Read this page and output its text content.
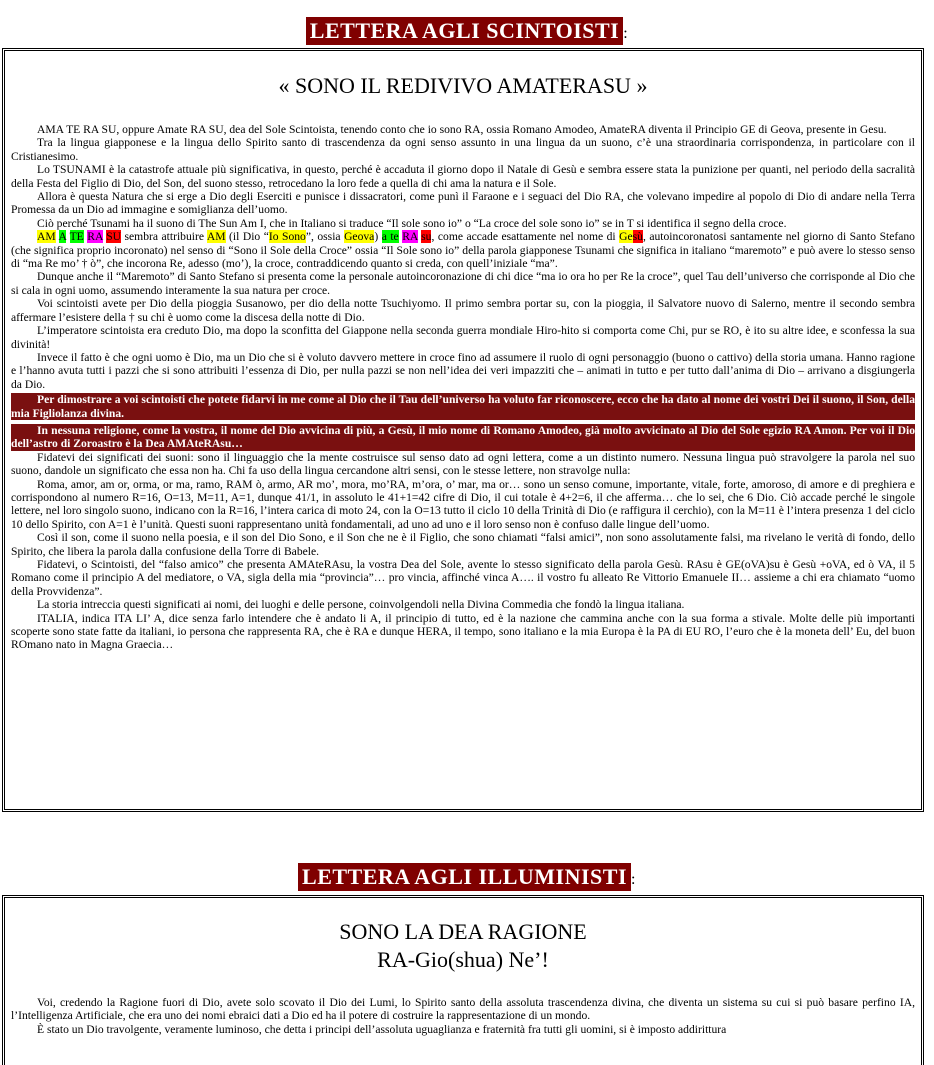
LETTERA AGLI SCINTOISTI :
« SONO IL REDIVIVO AMATERASU »

AMA TE RA SU, oppure Amate RA SU, dea del Sole Scintoista, tenendo conto che io sono RA, ossia Romano Amodeo, AmateRA diventa il Principio GE di Geova, presente in Gesu.

Tra la lingua giapponese e la lingua dello Spirito santo di trascendenza da ogni senso assunto in una lingua da un suono, c’è una straordinaria corrispondenza, in particolare con il Cristianesimo.

Lo TSUNAMI è la catastrofe attuale più significativa, in questo, perché è accaduta il giorno dopo il Natale di Gesù e sembra essere stata la punizione per quanti, nel periodo della sacralità della Festa del Figlio di Dio, del Son, del suono stesso, retrocedano la loro fede a quella di chi ama la natura e il Sole.

Allora è questa Natura che si erge a Dio degli Eserciti e punisce i dissacratori, come punì il Faraone e i seguaci del Dio RA, che volevano impedire al popolo di Dio di andare nella Terra Promessa da un Dio ad immagine e somiglianza dell’uomo.

Ciò perché Tsunami ha il suono di The Sun Am I, che in Italiano si traduce “Il sole sono io” o “La croce del sole sono io” se in T si identifica il segno della croce.

AM A TE RA SU sembra attribuire AM (il Dio “Io Sono”, ossia Geova) a te RA su, come accade esattamente nel nome di Gesù, autoincoronatosi santamente nel giorno di Santo Stefano (che significa proprio incoronato) nel senso di “Sono il Sole della Croce” ossia “Il Sole sono io” della parola giapponese Tsunami che significa in italiano “maremoto” e può avere lo stesso senso di “ma Re mo’ † ò”, che incorona Re, adesso (mo’), la croce, contraddicendo quanto si creda, con quell’iniziale “ma”.

Dunque anche il “Maremoto” di Santo Stefano si presenta come la personale autoincoronazione di chi dice “ma io ora ho per Re la croce”, quel Tau dell’universo che corrisponde al Dio che si cala in ogni uomo, assumendo interamente la sua natura per croce.

Voi scintoisti avete per Dio della pioggia Susanowo, per dio della notte Tsuchiyomo. Il primo sembra portar su, con la pioggia, il Salvatore nuovo di Salerno, mentre il secondo sembra affermare l’esistere della † su chi è uomo come la discesa della notte di Dio.

L’imperatore scintoista era creduto Dio, ma dopo la sconfitta del Giappone nella seconda guerra mondiale Hiro-hito si comporta come Chi, pur se RO, è ito su altre idee, e sconfessa la sua divinità!

Invece il fatto è che ogni uomo è Dio, ma un Dio che si è voluto davvero mettere in croce fino ad assumere il ruolo di ogni personaggio (buono o cattivo) della storia umana. Hanno ragione e l’hanno avuta tutti i pazzi che si sono attribuiti l’essenza di Dio, per nulla pazzi se non nell’idea dei veri impazziti che – animati in tutto e per tutto dall’anima di Dio – arrivano a disgiungerla da Dio.

Per dimostrare a voi scintoisti che potete fidarvi in me come al Dio che il Tau dell’universo ha voluto far riconoscere, ecco che ha dato al nome dei vostri Dei il suono, il Son, della mia Figliolanza divina.

In nessuna religione, come la vostra, il nome del Dio avvicina di più, a Gesù, il mio nome di Romano Amodeo, già molto avvicinato al Dio del Sole egizio RA Amon. Per voi il Dio dell’astro di Zoroastro è la Dea AMAteRAsu…

Fidatevi dei significati dei suoni: sono il linguaggio che la mente costruisce sul senso dato ad ogni lettera, come a un distinto numero. Nessuna lingua può stravolgere la parola nel suo suono, dandole un significato che essa non ha. Chi fa uso della lingua cercandone altri sensi, con le stesse lettere, non stravolge nulla:

Roma, amor, am or, orma, or ma, ramo, RAM ò, armo, AR mo’, mora, mo’RA, m’ora, o’ mar, ma or… sono un senso comune, importante, vitale, forte, amoroso, di amore e di preghiera e corrispondono al numero R=16, O=13, M=11, A=1, dunque 41/1, in assoluto le 41+1=42 cifre di Dio, il cui totale è 4+2=6, il che afferma… che lo sei, che 6 Dio. Ciò accade perché le singole lettere, nel loro singolo suono, indicano con la R=16, l’intera carica di moto 24, con la O=13 tutto il ciclo 10 della Trinità di Dio (e raffigura il cerchio), con la M=11 è l’intera presenza 1 del ciclo 10 dello Spirito, con A=1 è l’unità. Questi suoni rappresentano unità fondamentali, ad uno ad uno e il loro senso non è confuso dalle lingue dell’uomo.

Così il son, come il suono nella poesia, e il son del Dio Sono, e il Son che ne è il Figlio, che sono chiamati “falsi amici”, non sono assolutamente falsi, ma rivelano le verità di fondo, dello Spirito, che libera la parola dalla confusione della Torre di Babele.

Fidatevi, o Scintoisti, del “falso amico” che presenta AMAteRAsu, la vostra Dea del Sole, avente lo stesso significato della parola Gesù. RAsu è GE(oVA)su è Gesù +oVA, ed ò VA, il 5 Romano come il principio A del mediatore, o VA, sigla della mia “provincia”… pro vincia, affinché vinca A…. il vostro fu alleato Re Vittorio Emanuele II… assieme a chi era chiamato “uomo della Provvidenza”.

La storia intreccia questi significati ai nomi, dei luoghi e delle persone, coinvolgendoli nella Divina Commedia che fondò la lingua italiana.

ITALIA, indica ITA LI’ A, dice senza farlo intendere che è andato li A, il principio di tutto, ed è la nazione che cammina anche con la sua forma a stivale. Molte delle più importanti scoperte sono state fatte da italiani, io persona che rappresenta RA, che è RA e dunque HERA, il tempo, sono italiano e la mia Europa è la PA di EU RO, l’euro che è la moneta dell’ Eu, del buon ROmano nato in Magna Graecia…

LETTERA AGLI ILLUMINISTI :
SONO LA DEA RAGIONE
RA-Gio(shua) Ne’!

Voi, credendo la Ragione fuori di Dio, avete solo scovato il Dio dei Lumi, lo Spirito santo della assoluta trascendenza divina, che diventa un sistema su cui si può basare perfino IA, l’Intelligenza Artificiale, che era uno dei nomi ebraici dati a Dio ed ha il potere di costruire la rappresentazione di un mondo.

È stato un Dio travolgente, veramente luminoso, che detta i principi dell’assoluta uguaglianza e fraternità fra tutti gli uomini, si è imposto addirittura
